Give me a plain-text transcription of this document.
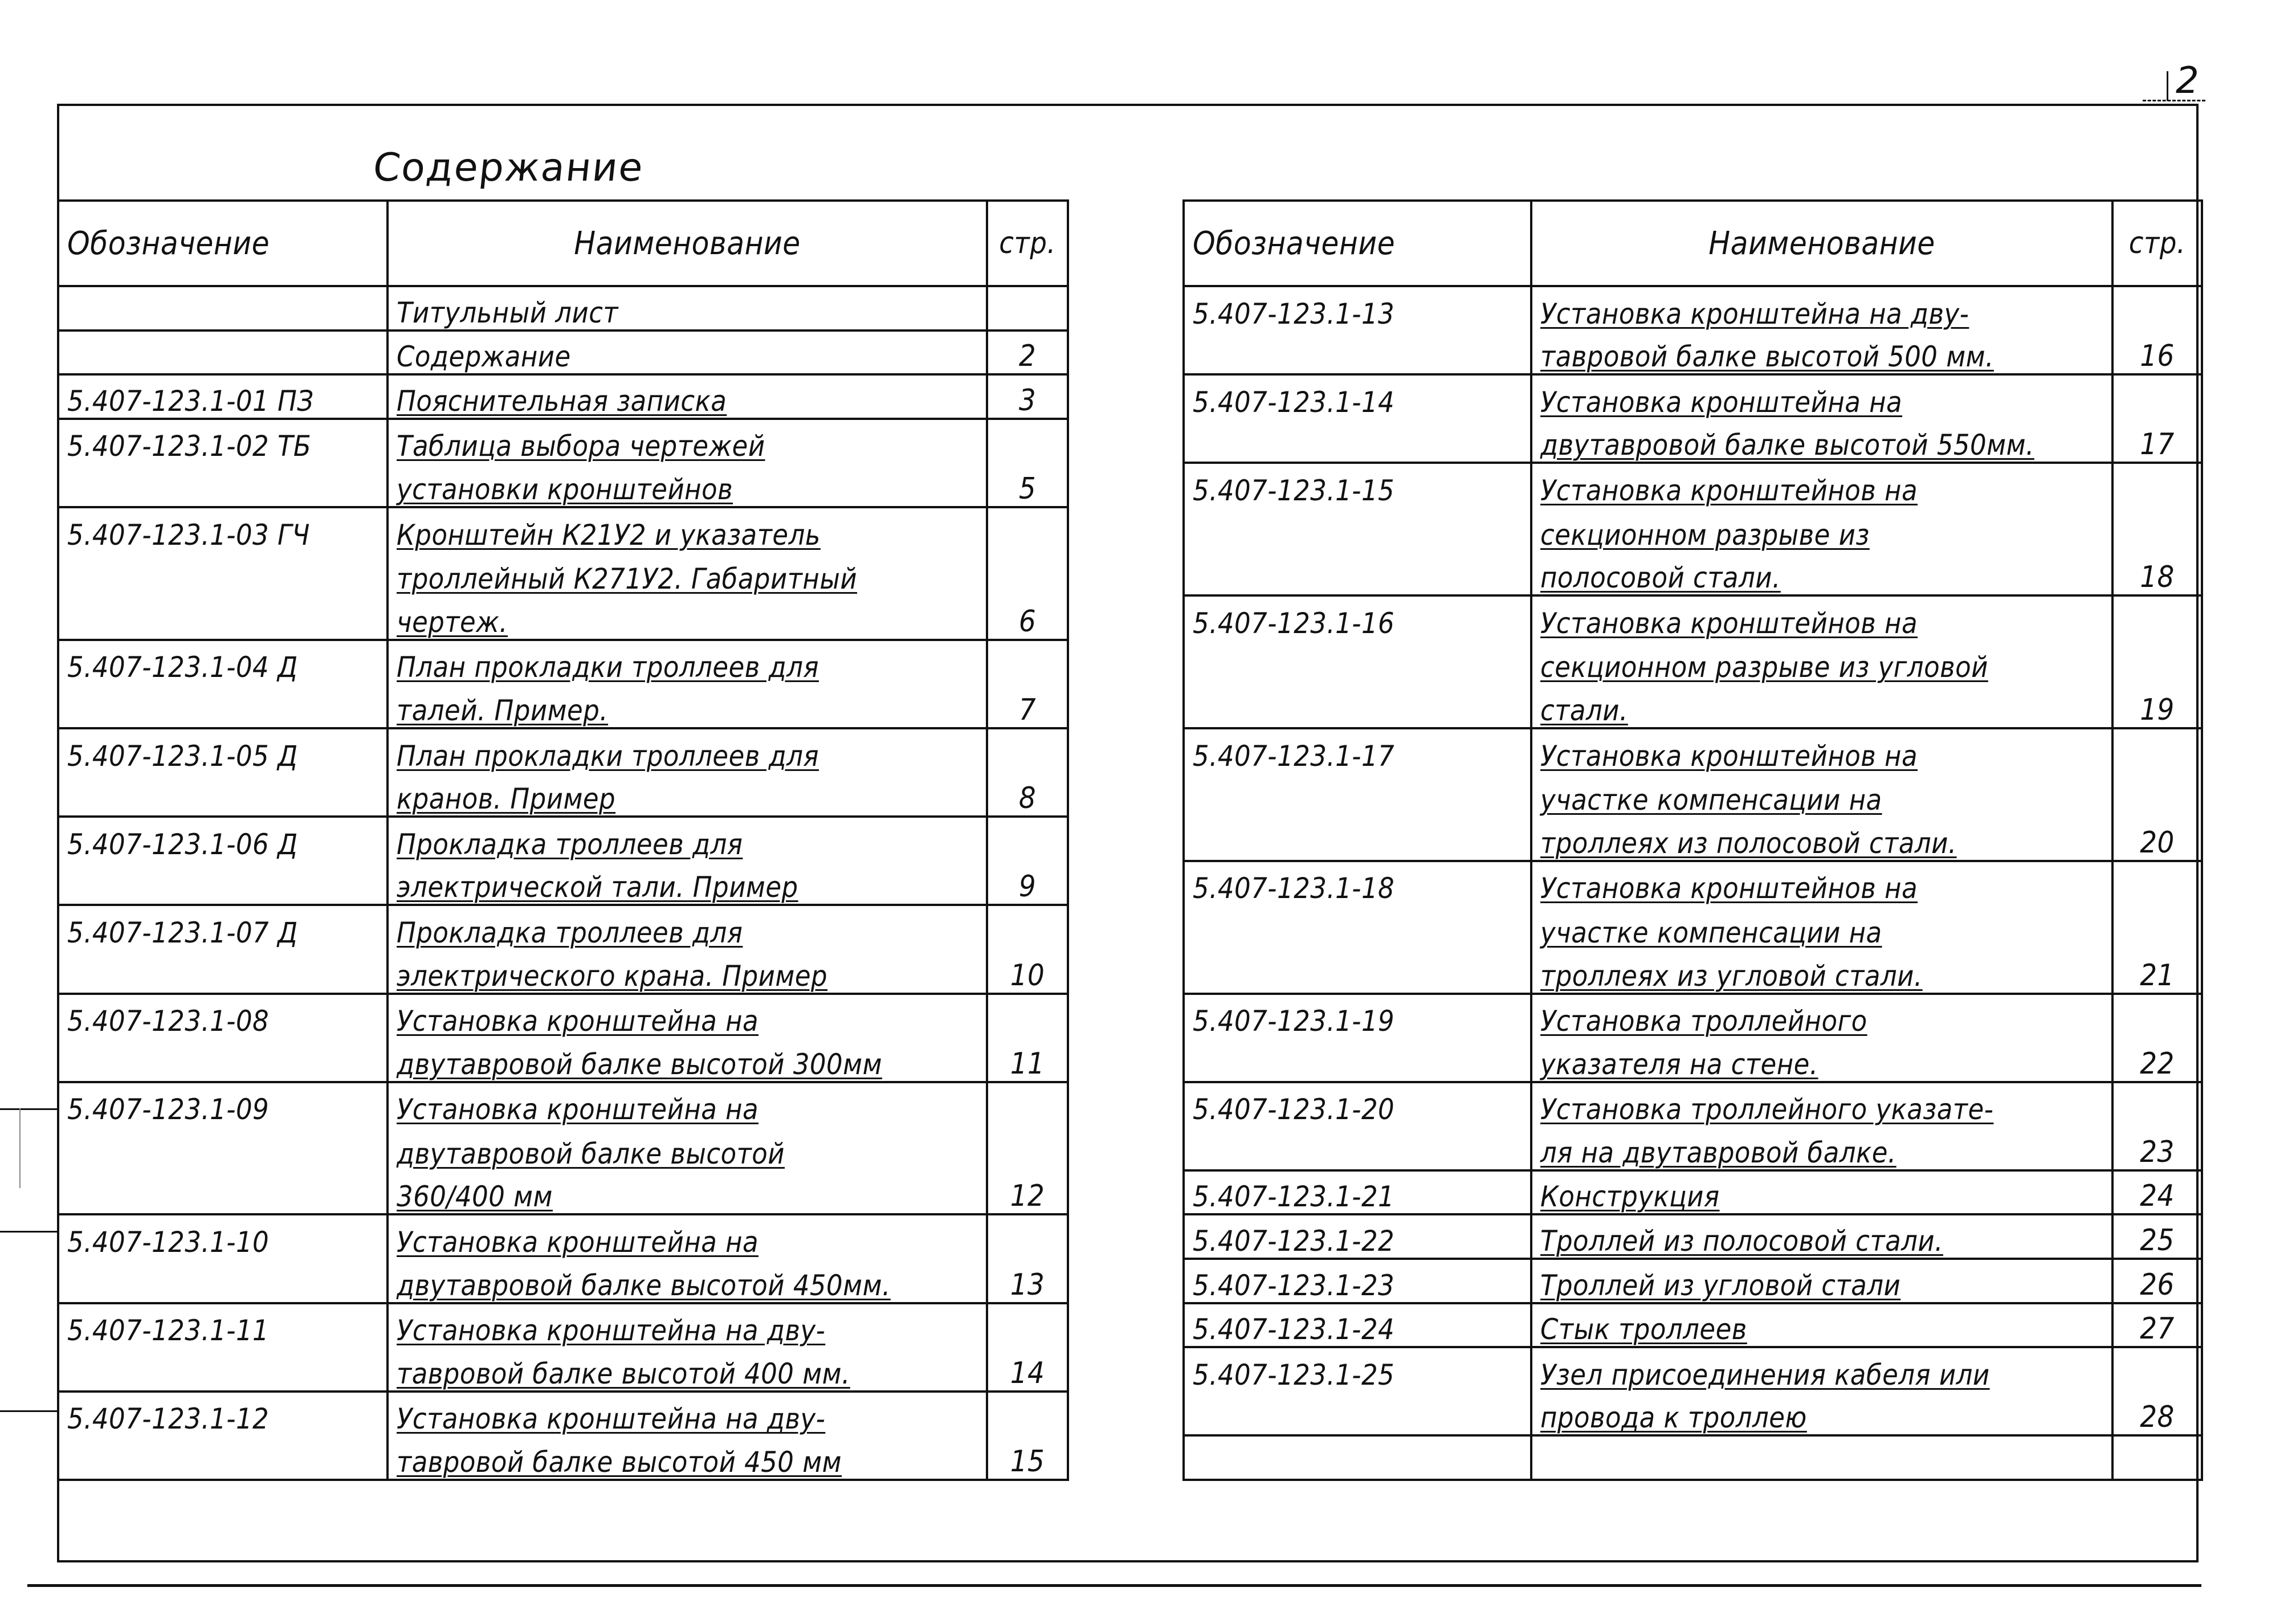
2
Содержание
Обозначение	Наименование	стр.
	Титульный лист	
	Содержание	2
5.407-123.1-01 ПЗ	Пояснительная записка	3
5.407-123.1-02 ТБ	Таблица выбора чертежей	
	установки кронштейнов	5
5.407-123.1-03 ГЧ	Кронштейн К21У2 и указатель	
	троллейный К271У2. Габаритный	
	чертеж.	6
5.407-123.1-04 Д	План прокладки троллеев для	
	талей. Пример.	7
5.407-123.1-05 Д	План прокладки троллеев для	
	кранов. Пример	8
5.407-123.1-06 Д	Прокладка троллеев для	
	электрической тали. Пример	9
5.407-123.1-07 Д	Прокладка троллеев для	
	электрического крана. Пример	10
5.407-123.1-08	Установка кронштейна на	
	двутавровой балке высотой 300мм	11
5.407-123.1-09	Установка кронштейна на	
	двутавровой балке высотой	
	360/400 мм	12
5.407-123.1-10	Установка кронштейна на	
	двутавровой балке высотой 450мм.	13
5.407-123.1-11	Установка кронштейна на дву-	
	тавровой балке высотой 400 мм.	14
5.407-123.1-12	Установка кронштейна на дву-	
	тавровой балке высотой 450 мм	15
Обозначение	Наименование	стр.
5.407-123.1-13	Установка кронштейна на дву-	
	тавровой балке высотой 500 мм.	16
5.407-123.1-14	Установка кронштейна на	
	двутавровой балке высотой 550мм.	17
5.407-123.1-15	Установка кронштейнов на	
	секционном разрыве из	
	полосовой стали.	18
5.407-123.1-16	Установка кронштейнов на	
	секционном разрыве из угловой	
	стали.	19
5.407-123.1-17	Установка кронштейнов на	
	участке компенсации на	
	троллеях из полосовой стали.	20
5.407-123.1-18	Установка кронштейнов на	
	участке компенсации на	
	троллеях из угловой стали.	21
5.407-123.1-19	Установка троллейного	
	указателя на стене.	22
5.407-123.1-20	Установка троллейного указате-	
	ля на двутавровой балке.	23
5.407-123.1-21	Конструкция	24
5.407-123.1-22	Троллей из полосовой стали.	25
5.407-123.1-23	Троллей из угловой стали	26
5.407-123.1-24	Стык троллеев	27
5.407-123.1-25	Узел присоединения кабеля или	
	провода к троллею	28
